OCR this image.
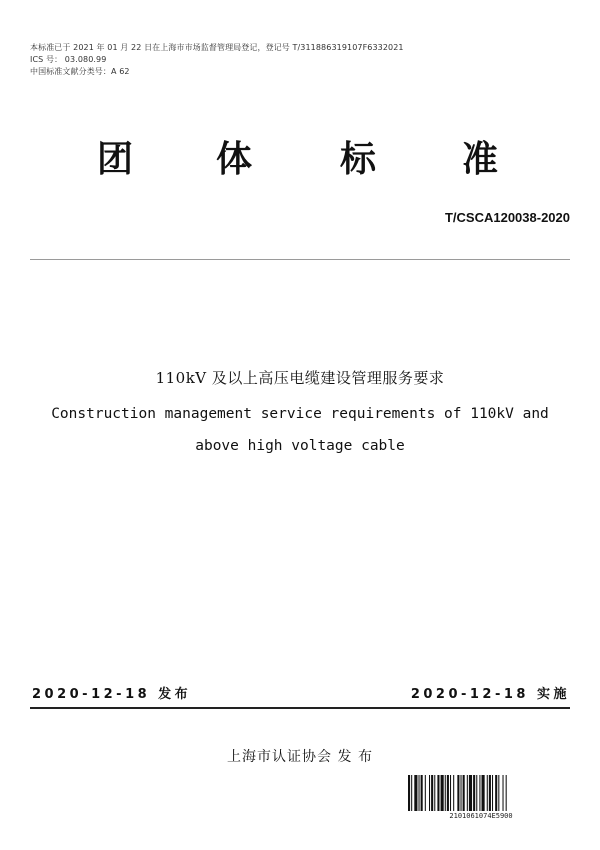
本标准已于 2021 年 01 月 22 日在上海市市场监督管理局登记，登记号 T/311886319107F6332021
ICS 号： 03.080.99
中国标准文献分类号：A 62
团 体 标 准
T/CSCA120038-2020
110kV 及以上高压电缆建设管理服务要求
Construction management service requirements of 110kV and
above high voltage cable
2020-12-18 发布	2020-12-18 实施
上海市认证协会 发 布
2101061074E5900
